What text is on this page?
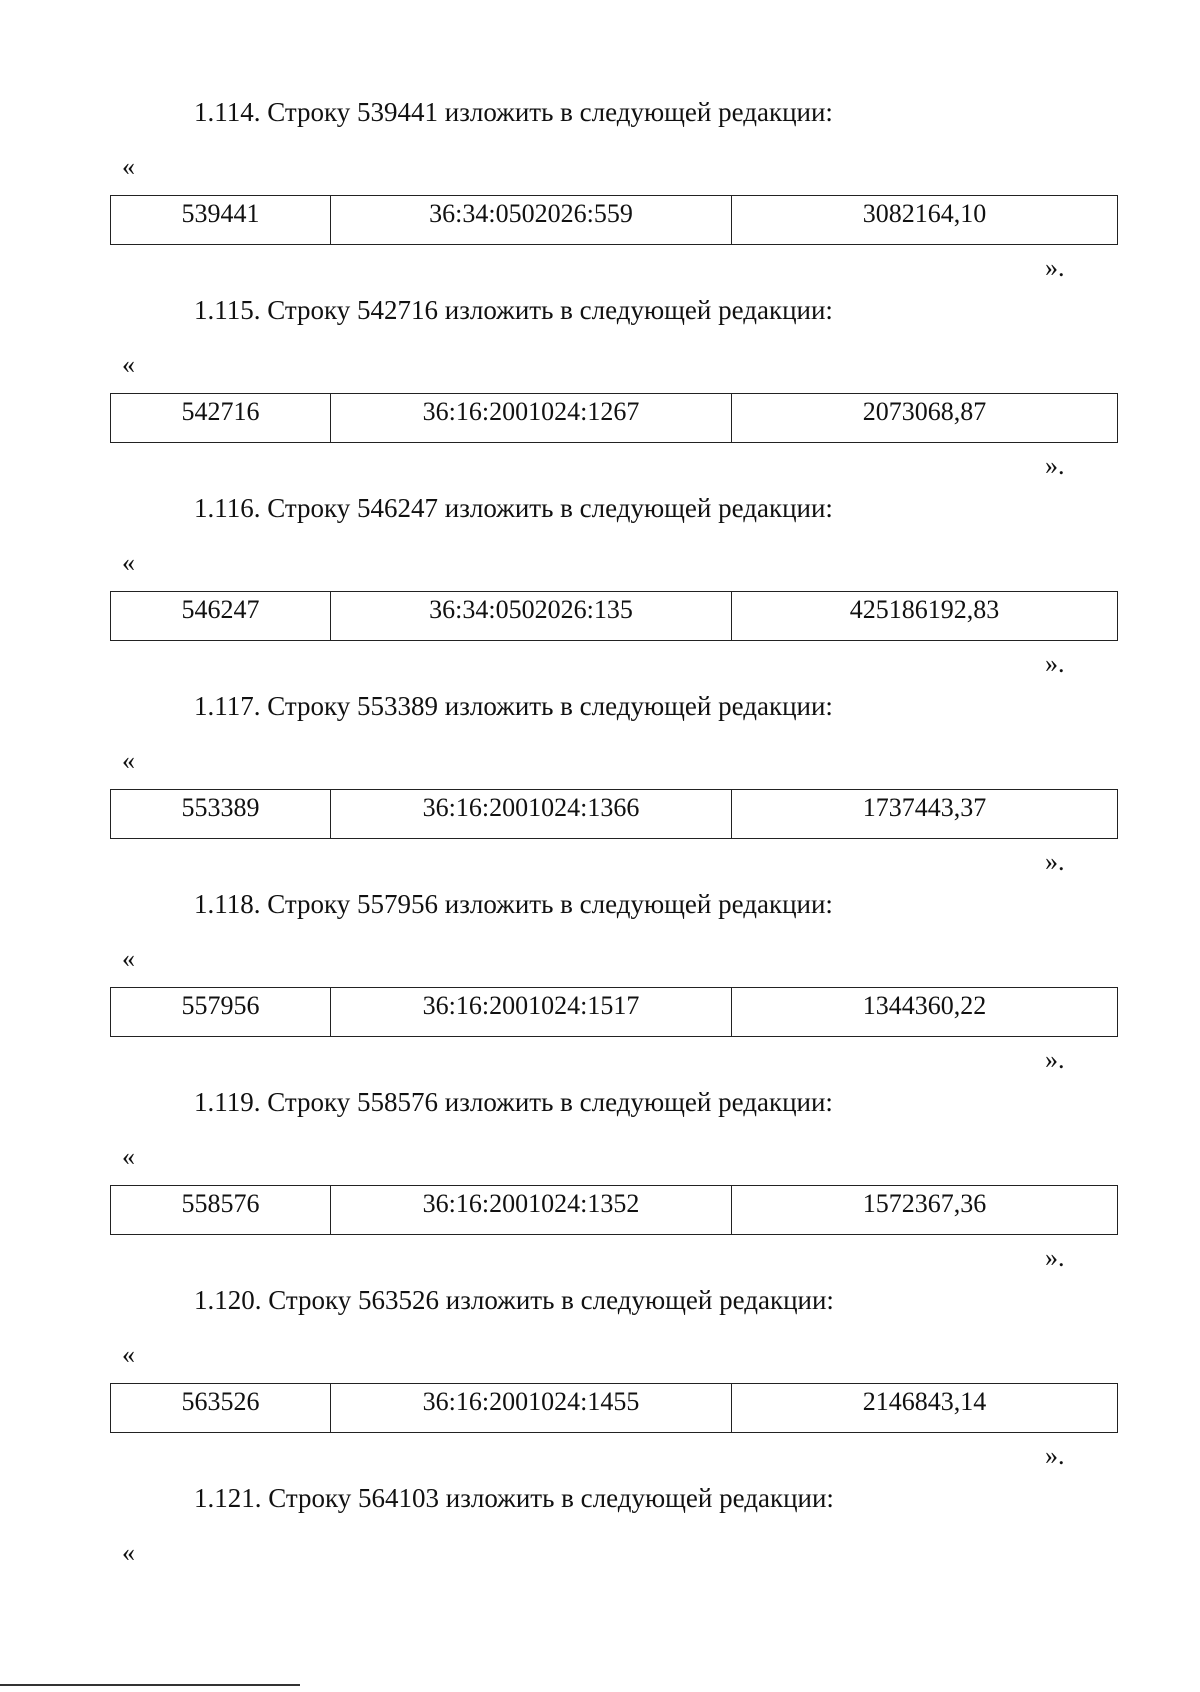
1.114. Строку 539441 изложить в следующей редакции:
«
539441	36:34:0502026:559	3082164,10
».
1.115. Строку 542716 изложить в следующей редакции:
«
542716	36:16:2001024:1267	2073068,87
».
1.116. Строку 546247 изложить в следующей редакции:
«
546247	36:34:0502026:135	425186192,83
».
1.117. Строку 553389 изложить в следующей редакции:
«
553389	36:16:2001024:1366	1737443,37
».
1.118. Строку 557956 изложить в следующей редакции:
«
557956	36:16:2001024:1517	1344360,22
».
1.119. Строку 558576 изложить в следующей редакции:
«
558576	36:16:2001024:1352	1572367,36
».
1.120. Строку 563526 изложить в следующей редакции:
«
563526	36:16:2001024:1455	2146843,14
».
1.121. Строку 564103 изложить в следующей редакции:
«
